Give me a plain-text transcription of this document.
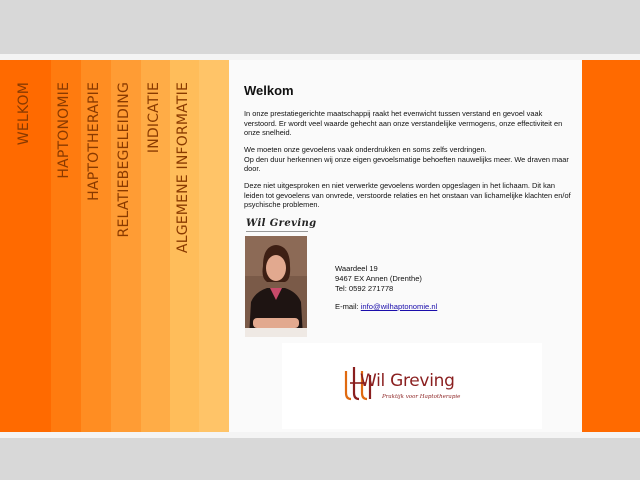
WELKOM HAPTONOMIE HAPTOTHERAPIE RELATIEBEGELEIDING INDICATIE ALGEMENE INFORMATIE	Welkom

In onze prestatiegerichte maatschappij raakt het evenwicht tussen verstand en gevoel vaak verstoord. Er wordt veel waarde gehecht aan onze verstandelijke vermogens, onze effectiviteit en onze snelheid.

We moeten onze gevoelens vaak onderdrukken en soms zelfs verdringen.
Op den duur herkennen wij onze eigen gevoelsmatige behoeften nauwelijks meer. We draven maar door.

Deze niet uitgesproken en niet verwerkte gevoelens worden opgeslagen in het lichaam. Dit kan leiden tot gevoelens van onvrede, verstoorde relaties en het onstaan van lichamelijke klachten en/of psychische problemen.

Wil Greving
Waardeel 19
9467 EX Annen (Drenthe)
Tel: 0592 271778
E-mail: info@wilhaptonomie.nl
Wil Greving
Praktijk voor Haptotherapie
